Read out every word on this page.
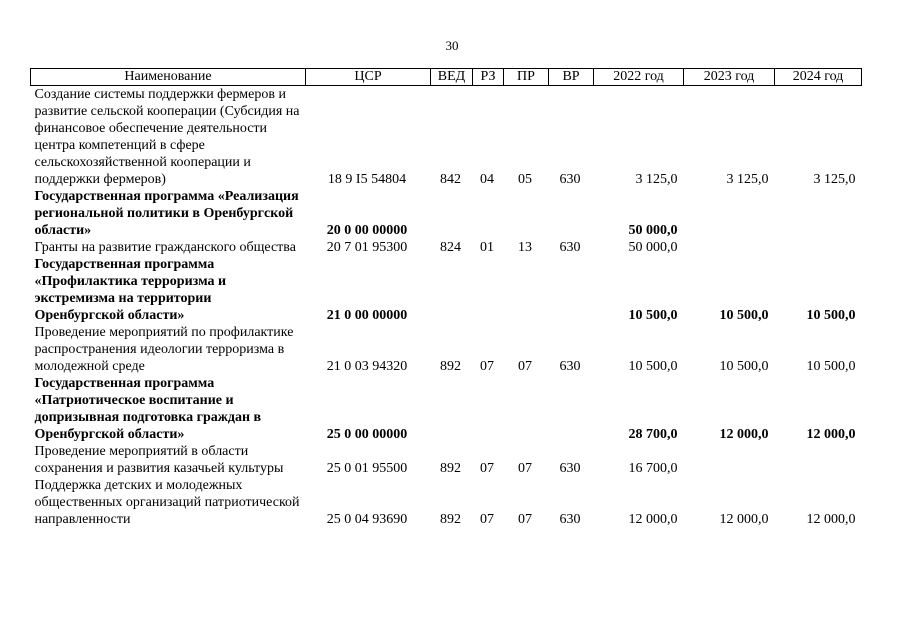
30
Наименование	ЦСР	ВЕД	РЗ	ПР	ВР	2022 год	2023 год	2024 год
Создание системы поддержки фермеров и развитие сельской кооперации (Субсидия на финансовое обеспечение деятельности центра компетенций в сфере сельскохозяйственной кооперации и поддержки фермеров)	18 9 I5 54804	842	04	05	630	3 125,0	3 125,0	3 125,0
Государственная программа «Реализация региональной политики в Оренбургской области»	20 0 00 00000					50 000,0		
Гранты на развитие гражданского общества	20 7 01 95300	824	01	13	630	50 000,0		
Государственная программа «Профилактика терроризма и экстремизма на территории Оренбургской области»	21 0 00 00000					10 500,0	10 500,0	10 500,0
Проведение мероприятий по профилактике распространения идеологии терроризма в молодежной среде	21 0 03 94320	892	07	07	630	10 500,0	10 500,0	10 500,0
Государственная программа «Патриотическое воспитание и допризывная подготовка граждан в Оренбургской области»	25 0 00 00000					28 700,0	12 000,0	12 000,0
Проведение мероприятий в области сохранения и развития казачьей культуры	25 0 01 95500	892	07	07	630	16 700,0		
Поддержка детских и молодежных общественных организаций патриотической направленности	25 0 04 93690	892	07	07	630	12 000,0	12 000,0	12 000,0
